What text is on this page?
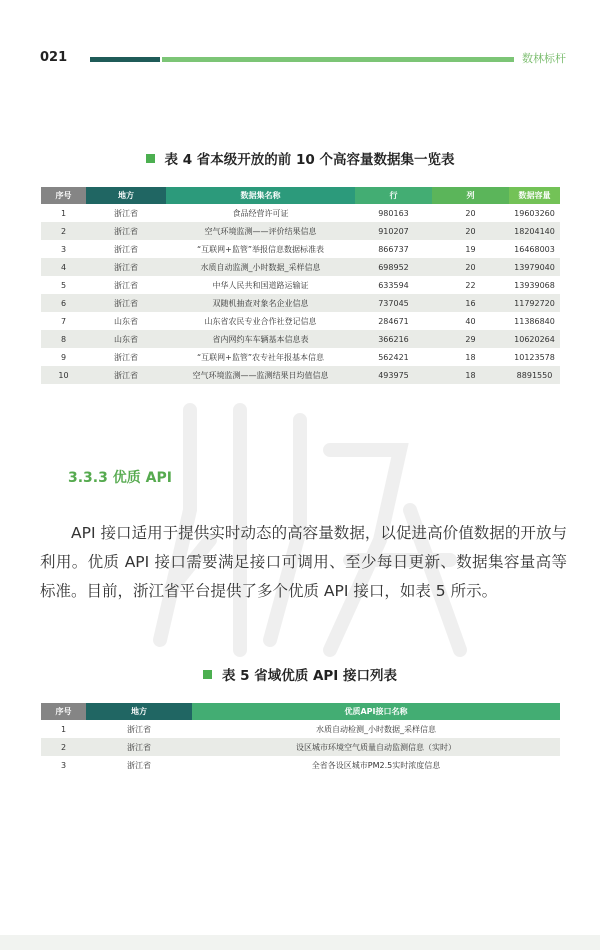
021	数林标杆
表 4 省本级开放的前 10 个高容量数据集一览表
序号	地方	数据集名称	行	列	数据容量
1	浙江省	食品经营许可证	980163	20	19603260
2	浙江省	空气环境监测——评价结果信息	910207	20	18204140
3	浙江省	“互联网+监管”举报信息数据标准表	866737	19	16468003
4	浙江省	水质自动监测_小时数据_采样信息	698952	20	13979040
5	浙江省	中华人民共和国道路运输证	633594	22	13939068
6	浙江省	双随机抽查对象名企业信息	737045	16	11792720
7	山东省	山东省农民专业合作社登记信息	284671	40	11386840
8	山东省	省内网约车车辆基本信息表	366216	29	10620264
9	浙江省	“互联网+监管”农专社年报基本信息	562421	18	10123578
10	浙江省	空气环境监测——监测结果日均值信息	493975	18	8891550
3.3.3 优质 API
API 接口适用于提供实时动态的高容量数据，以促进高价值数据的开放与利用。优质 API 接口需要满足接口可调用、至少每日更新、数据集容量高等标准。目前，浙江省平台提供了多个优质 API 接口，如表 5 所示。
表 5 省域优质 API 接口列表
序号	地方	优质API接口名称
1	浙江省	水质自动检测_小时数据_采样信息
2	浙江省	设区城市环境空气质量自动监测信息（实时）
3	浙江省	全省各设区城市PM2.5实时浓度信息
